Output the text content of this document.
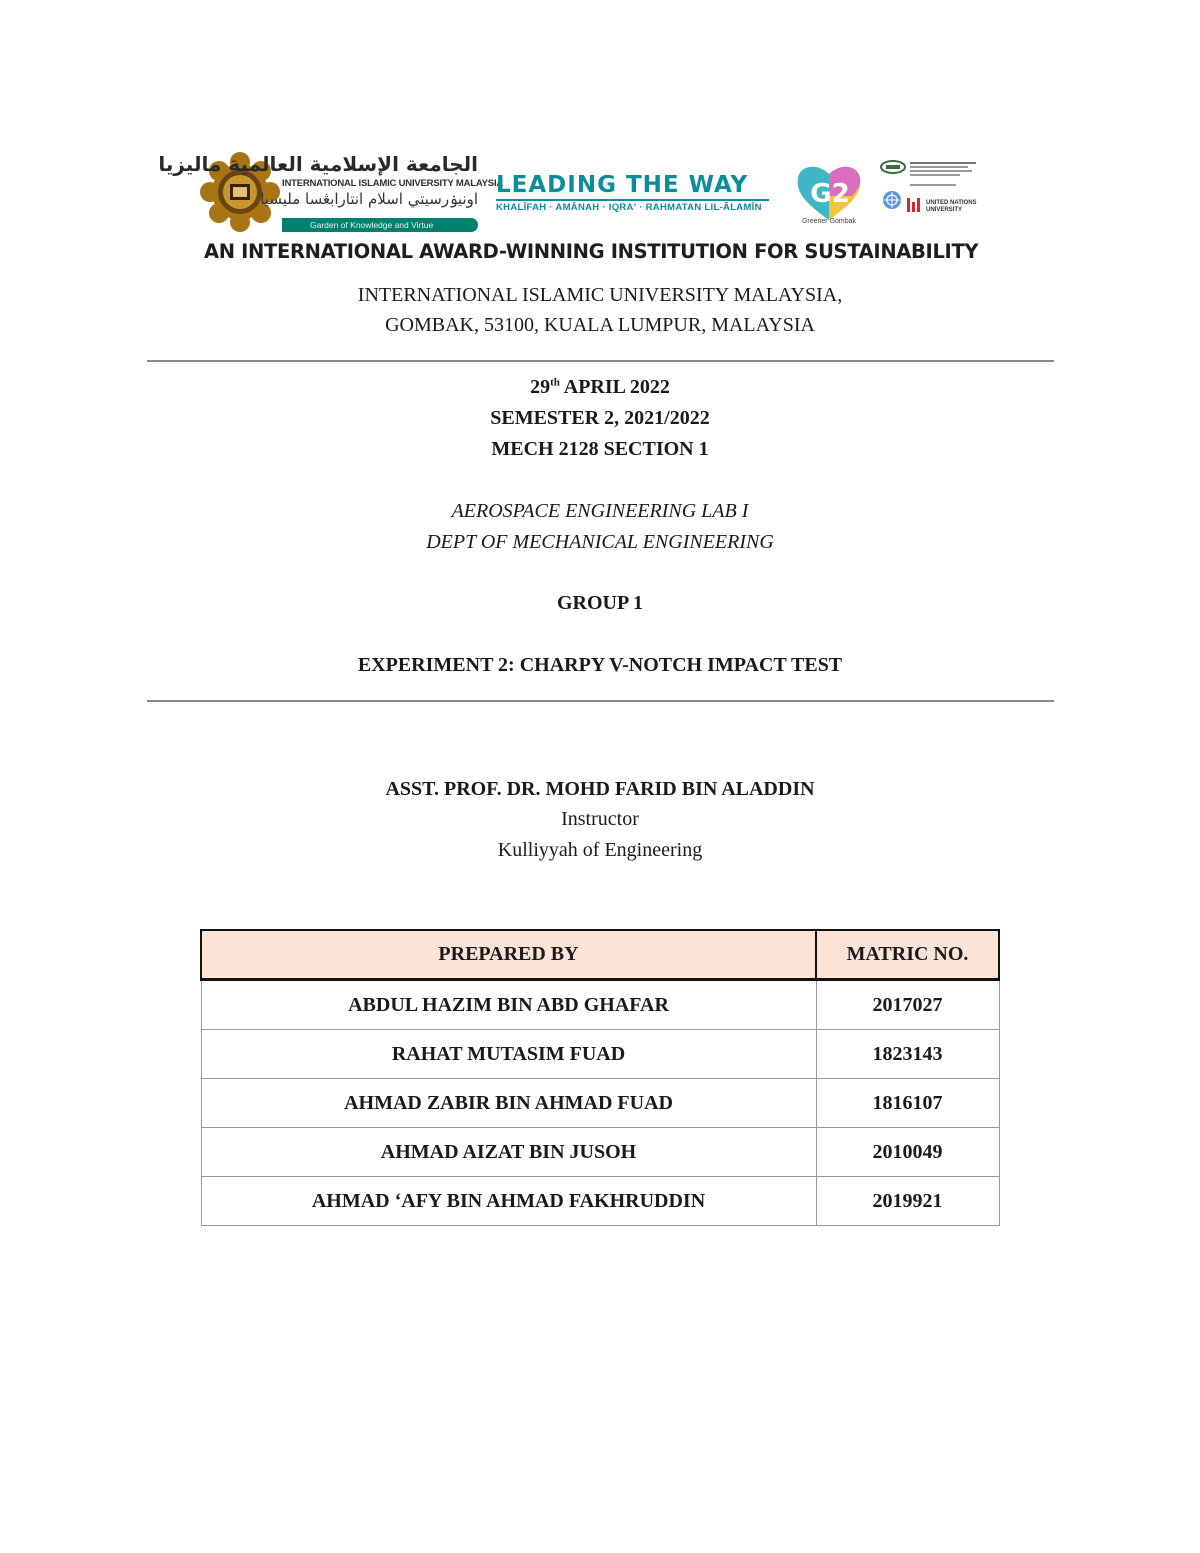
الجامعة الإسلامية العالمية ماليزيا
INTERNATIONAL ISLAMIC UNIVERSITY MALAYSIA
اونيۏرسيتي اسلام انتارابڠسا مليسيا
Garden of Knowledge and Virtue
LEADING THE WAY
KHALĪFAH · AMĀNAH · IQRA' · RAHMATAN LIL-ĀLAMĪN G2
Greener Gombak
UNITED NATIONS UNIVERSITY
AN INTERNATIONAL AWARD-WINNING INSTITUTION FOR SUSTAINABILITY
INTERNATIONAL ISLAMIC UNIVERSITY MALAYSIA,
GOMBAK, 53100, KUALA LUMPUR, MALAYSIA
29th APRIL 2022
SEMESTER 2, 2021/2022
MECH 2128 SECTION 1
AEROSPACE ENGINEERING LAB I
DEPT OF MECHANICAL ENGINEERING
GROUP 1
EXPERIMENT 2: CHARPY V-NOTCH IMPACT TEST
ASST. PROF. DR. MOHD FARID BIN ALADDIN
Instructor
Kulliyyah of Engineering
PREPARED BY	MATRIC NO.
ABDUL HAZIM BIN ABD GHAFAR	2017027
RAHAT MUTASIM FUAD	1823143
AHMAD ZABIR BIN AHMAD FUAD	1816107
AHMAD AIZAT BIN JUSOH	2010049
AHMAD ‘AFY BIN AHMAD FAKHRUDDIN	2019921
